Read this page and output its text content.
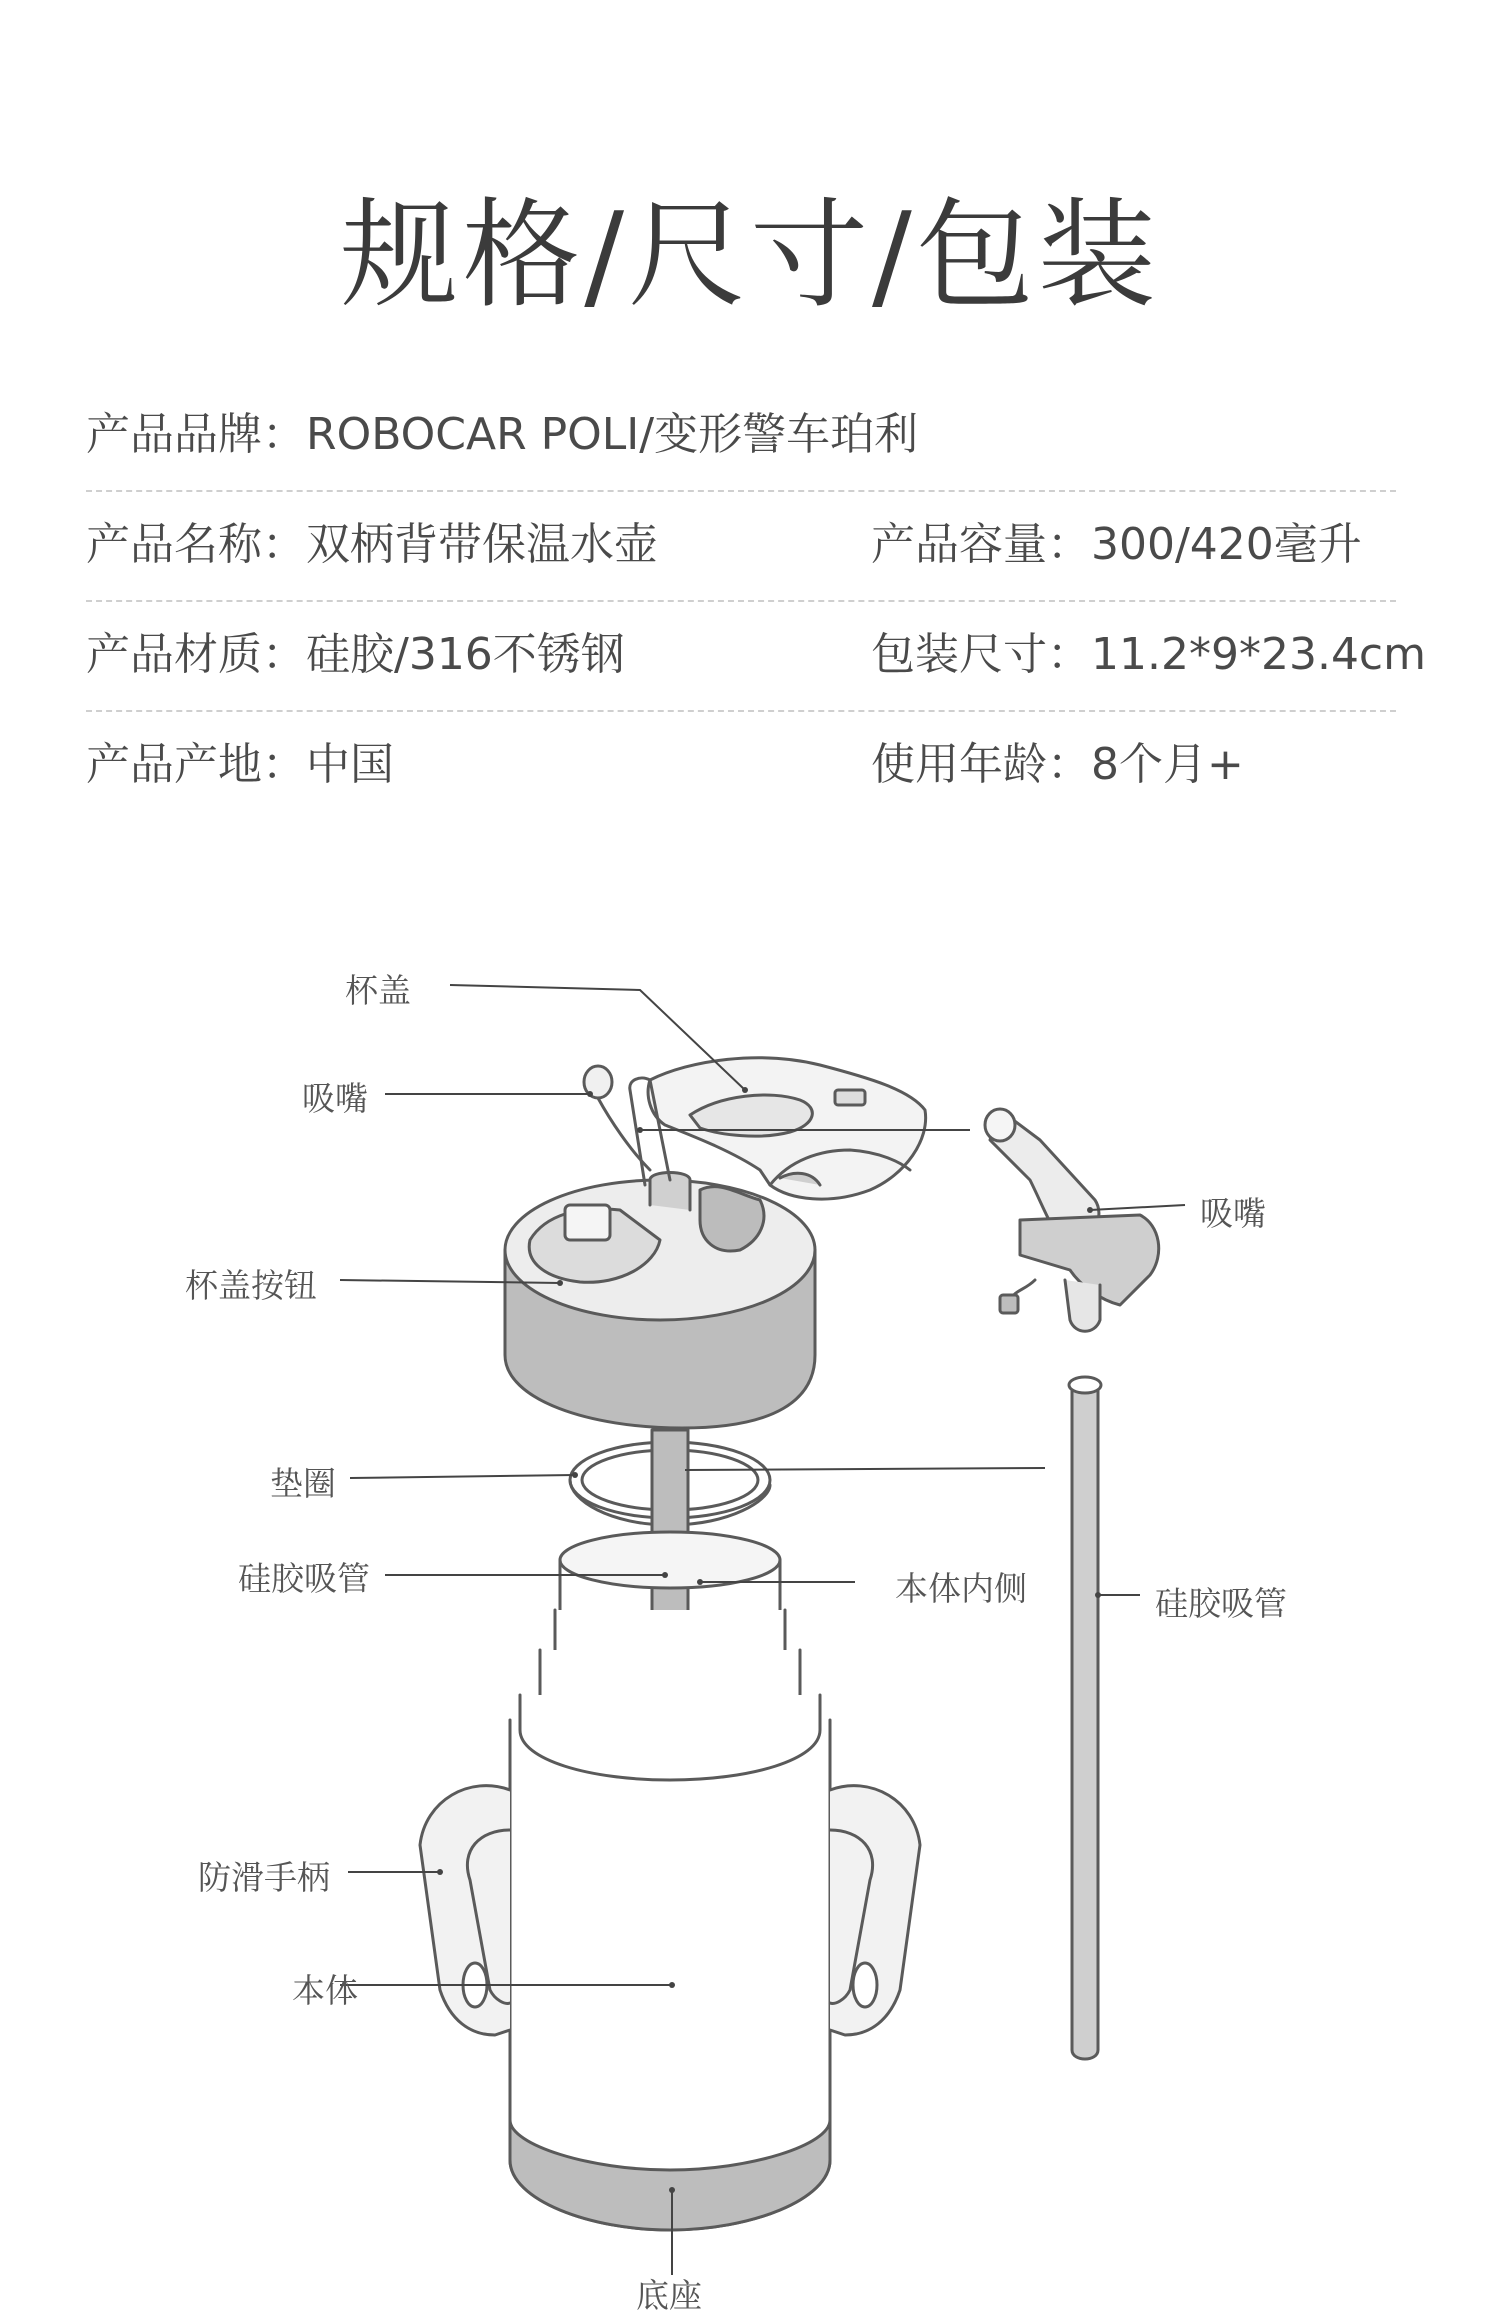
规格/尺寸/包装
产品品牌：ROBOCAR POLI/变形警车珀利
产品名称：双柄背带保温水壶	产品容量：300/420毫升
产品材质：硅胶/316不锈钢	包装尺寸：11.2*9*23.4cm
产品产地：中国	使用年龄：8个月+
杯盖
吸嘴
吸嘴
杯盖按钮
垫圈
硅胶吸管	本体内侧	硅胶吸管
防滑手柄
本体
底座
